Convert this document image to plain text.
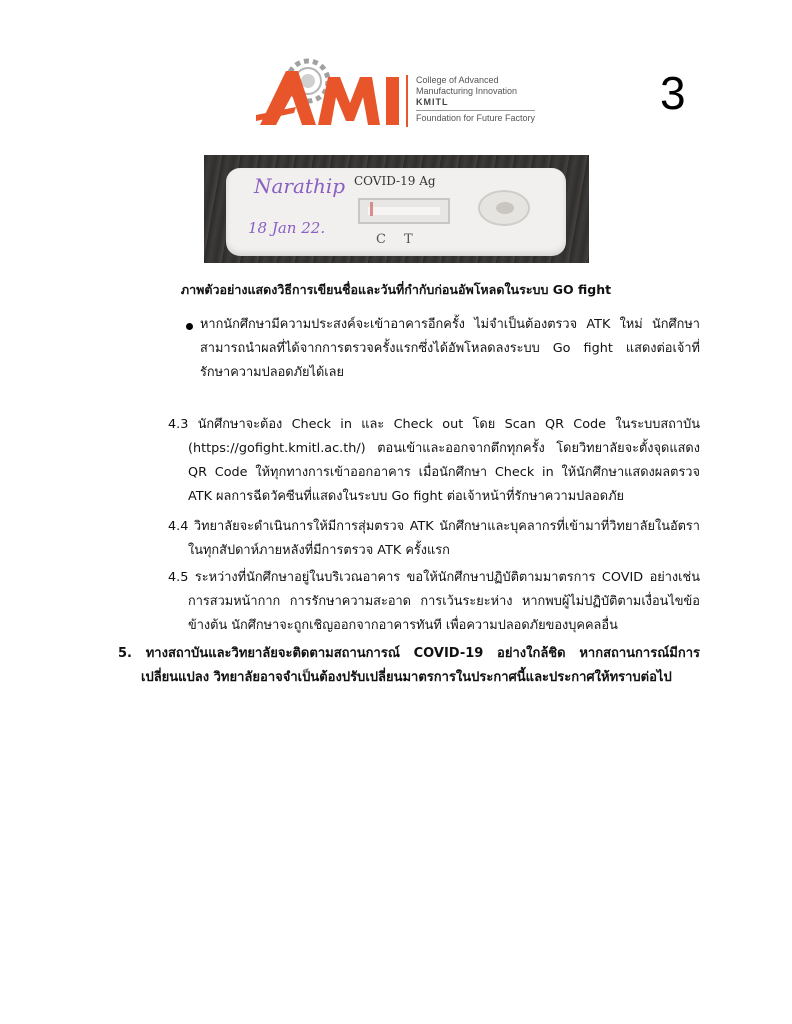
College of Advanced
Manufacturing Innovation
KMITL
Foundation for Future Factory	3
Narathip
18 Jan 22.
COVID-19 Ag
CT
ภาพตัวอย่างแสดงวิธีการเขียนชื่อและวันที่กำกับก่อนอัพโหลดในระบบ GO fight
หากนักศึกษามีความประสงค์จะเข้าอาคารอีกครั้ง ไม่จำเป็นต้องตรวจ ATK ใหม่ นักศึกษาสามารถนำผลที่ได้จากการตรวจครั้งแรกซึ่งได้อัพโหลดลงระบบ Go fight แสดงต่อเจ้าที่รักษาความปลอดภัยได้เลย
4.3 นักศึกษาจะต้อง Check in และ Check out โดย Scan QR Code ในระบบสถาบัน (https://gofight.kmitl.ac.th/) ตอนเข้าและออกจากตึกทุกครั้ง โดยวิทยาลัยจะตั้งจุดแสดง QR Code ให้ทุกทางการเข้าออกอาคาร เมื่อนักศึกษา Check in ให้นักศึกษาแสดงผลตรวจ ATK ผลการฉีดวัคซีนที่แสดงในระบบ Go fight ต่อเจ้าหน้าที่รักษาความปลอดภัย
4.4 วิทยาลัยจะดำเนินการให้มีการสุ่มตรวจ ATK นักศึกษาและบุคลากรที่เข้ามาที่วิทยาลัยในอัตราในทุกสัปดาห์ภายหลังที่มีการตรวจ ATK ครั้งแรก
4.5 ระหว่างที่นักศึกษาอยู่ในบริเวณอาคาร ขอให้นักศึกษาปฏิบัติตามมาตรการ COVID อย่างเช่น การสวมหน้ากาก การรักษาความสะอาด การเว้นระยะห่าง หากพบผู้ไม่ปฏิบัติตามเงื่อนไขข้อข้างต้น นักศึกษาจะถูกเชิญออกจากอาคารทันที เพื่อความปลอดภัยของบุคคลอื่น
5. ทางสถาบันและวิทยาลัยจะติดตามสถานการณ์ COVID-19 อย่างใกล้ชิด หากสถานการณ์มีการเปลี่ยนแปลง วิทยาลัยอาจจำเป็นต้องปรับเปลี่ยนมาตรการในประกาศนี้และประกาศให้ทราบต่อไป
